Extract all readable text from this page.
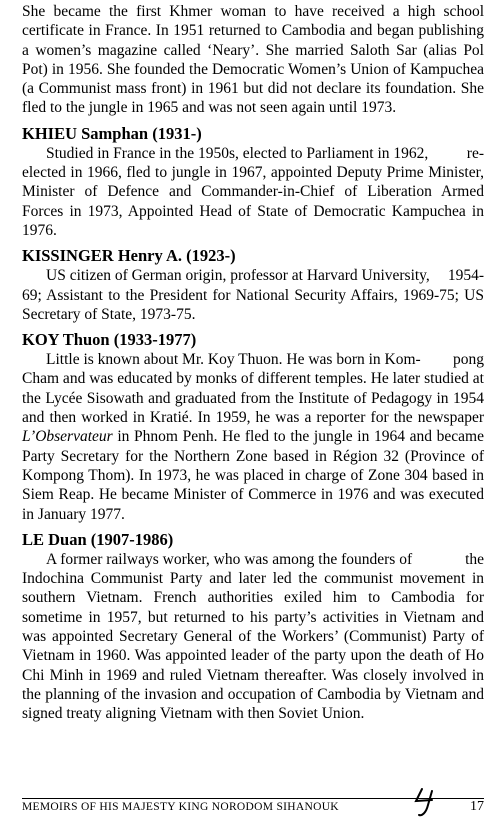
She became the first Khmer woman to have received a high school certificate in France. In 1951 returned to Cambodia and began publishing a women’s magazine called ‘Neary’. She married Saloth Sar (alias Pol Pot) in 1956. She founded the Democratic Women’s Union of Kampuchea (a Communist mass front) in 1961 but did not declare its foundation. She fled to the jungle in 1965 and was not seen again until 1973.

KHIEU Samphan (1931-)

Studied in France in the 1950s, elected to Parliament in 1962, re-elected in 1966, fled to jungle in 1967, appointed Deputy Prime Minister, Minister of Defence and Commander-in-Chief of Liberation Armed Forces in 1973, Appointed Head of State of Democratic Kampuchea in 1976.

KISSINGER Henry A. (1923-)

US citizen of German origin, professor at Harvard University, 1954-69; Assistant to the President for National Security Affairs, 1969-75; US Secretary of State, 1973-75.

KOY Thuon (1933-1977)

Little is known about Mr. Koy Thuon. He was born in Kom- pong Cham and was educated by monks of different temples. He later studied at the Lycée Sisowath and graduated from the Institute of Pedagogy in 1954 and then worked in Kratié. In 1959, he was a reporter for the newspaper L’Observateur in Phnom Penh. He fled to the jungle in 1964 and became Party Secretary for the Northern Zone based in Région 32 (Province of Kompong Thom). In 1973, he was placed in charge of Zone 304 based in Siem Reap. He became Minister of Commerce in 1976 and was executed in January 1977.

LE Duan (1907-1986)

A former railways worker, who was among the founders of the Indochina Communist Party and later led the communist movement in southern Vietnam. French authorities exiled him to Cambodia for sometime in 1957, but returned to his party’s activities in Vietnam and was appointed Secretary General of the Workers’ (Communist) Party of Vietnam in 1960. Was appointed leader of the party upon the death of Ho Chi Minh in 1969 and ruled Vietnam thereafter. Was closely involved in the planning of the invasion and occupation of Cambodia by Vietnam and signed treaty aligning Vietnam with then Soviet Union.

MEMOIRS OF HIS MAJESTY KING NORODOM SIHANOUK	17
